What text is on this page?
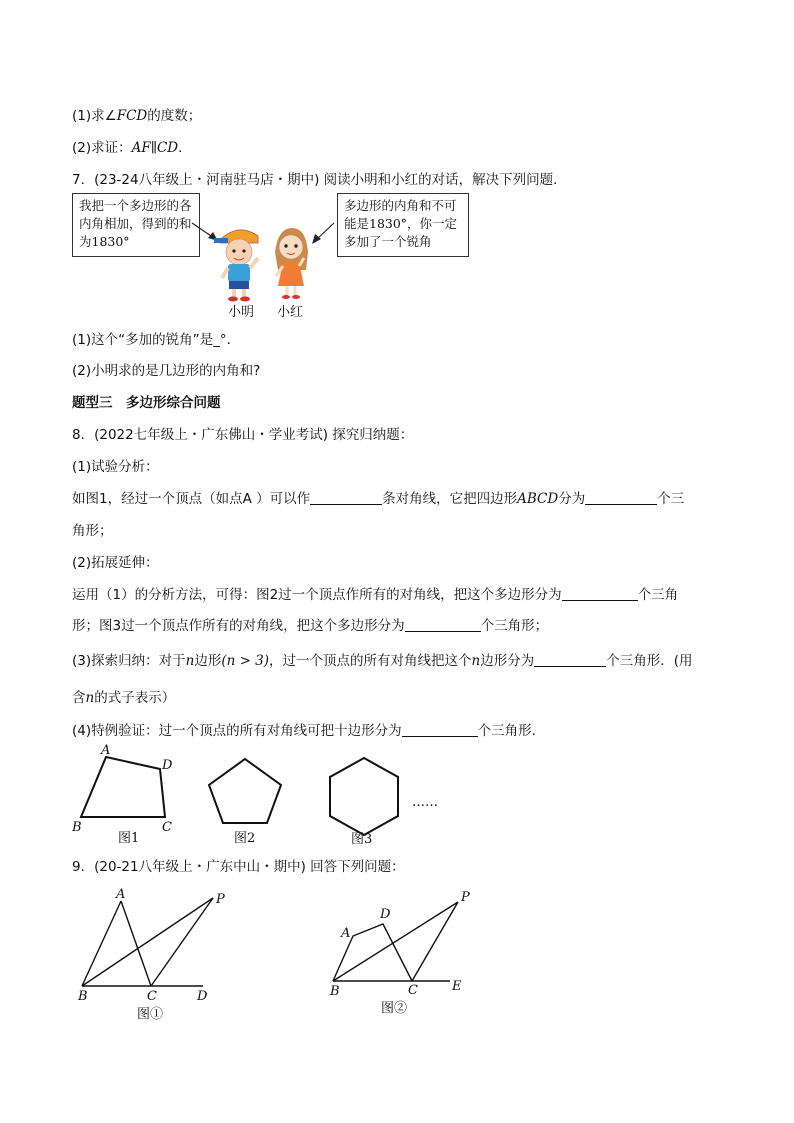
(1)求∠FCD的度数；
(2)求证：AF∥CD.
7．(23-24八年级上・河南驻马店・期中) 阅读小明和小红的对话，解决下列问题．
我把一个多边形的各内角相加，得到的和为1830°
多边形的内角和不可能是1830°，你一定多加了一个锐角
小明 小红
(1)这个“多加的锐角”是_°．
(2)小明求的是几边形的内角和?
题型三　多边形综合问题
8．(2022七年级上・广东佛山・学业考试) 探究归纳题：
(1)试验分析：
如图1，经过一个顶点（如点A ）可以作	条对角线，它把四边形ABCD分为	个三
角形；
(2)拓展延伸：
运用（1）的分析方法，可得：图2过一个顶点作所有的对角线，把这个多边形分为	个三角
形；图3过一个顶点作所有的对角线，把这个多边形分为	个三角形；
(3)探索归纳：对于n边形(n > 3)，过一个顶点的所有对角线把这个n边形分为	个三角形．(用
含n的式子表示）
(4)特例验证：过一个顶点的所有对角线可把十边形分为	个三角形．
A
B	C
D
图1	图2	图3
……
9．(20-21八年级上・广东中山・期中) 回答下列问题：
A	P
B	C	D
图①
A
D
P
B	C	E
图②
